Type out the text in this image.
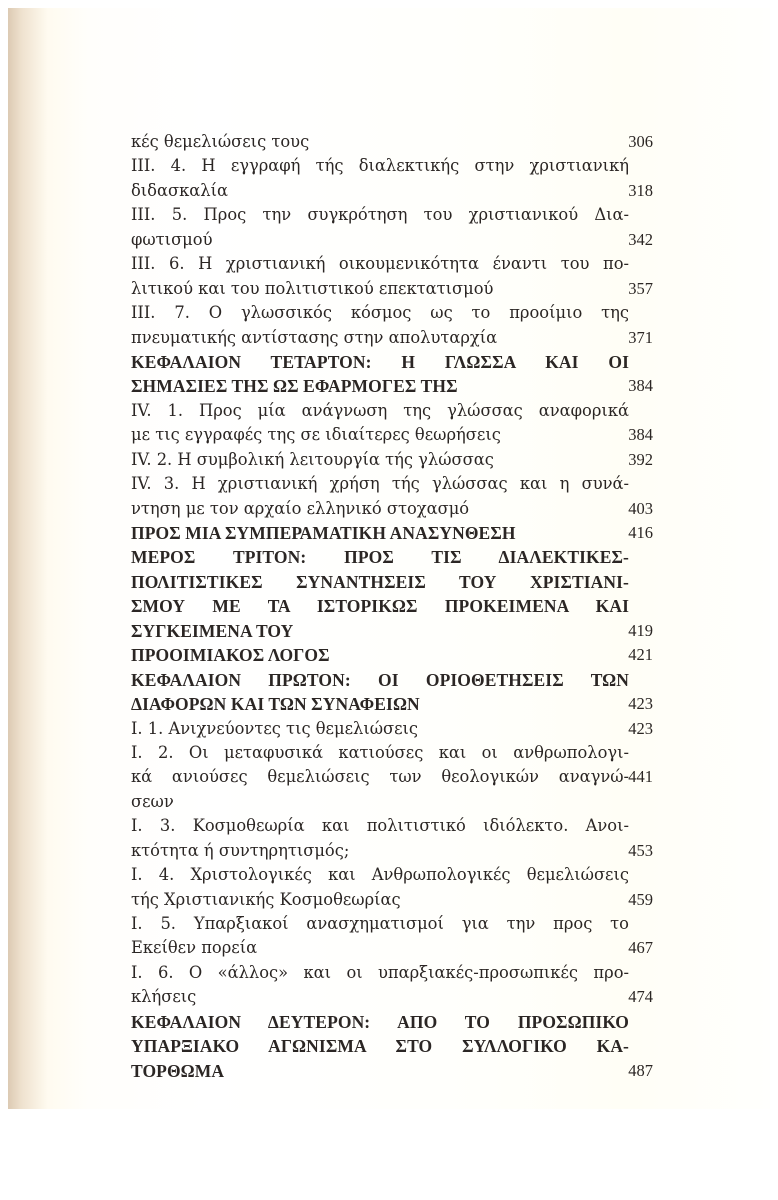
κές θεμελιώσεις τους	306
III. 4. Η εγγραφή τής διαλεκτικής στην χριστιανική
διδασκαλία	318
III. 5. Προς την συγκρότηση του χριστιανικού Δια-
φωτισμού	342
III. 6. Η χριστιανική οικουμενικότητα έναντι του πο-
λιτικού και του πολιτιστικού επεκτατισμού	357
III. 7. Ο γλωσσικός κόσμος ως το προοίμιο της
πνευματικής αντίστασης στην απολυταρχία	371
ΚΕΦΑΛΑΙΟΝ ΤΕΤΑΡΤΟΝ: Η ΓΛΩΣΣΑ ΚΑΙ ΟΙ
ΣΗΜΑΣΙΕΣ ΤΗΣ ΩΣ ΕΦΑΡΜΟΓΕΣ ΤΗΣ	384
IV. 1. Προς μία ανάγνωση της γλώσσας αναφορικά
με τις εγγραφές της σε ιδιαίτερες θεωρήσεις	384
IV. 2. Η συμβολική λειτουργία τής γλώσσας	392
IV. 3. Η χριστιανική χρήση τής γλώσσας και η συνά-
ντηση με τον αρχαίο ελληνικό στοχασμό	403
ΠΡΟΣ ΜΙΑ ΣΥΜΠΕΡΑΜΑΤΙΚΗ ΑΝΑΣΥΝΘΕΣΗ	416
ΜΕΡΟΣ ΤΡΙΤΟΝ: ΠΡΟΣ ΤΙΣ ΔΙΑΛΕΚΤΙΚΕΣ-
ΠΟΛΙΤΙΣΤΙΚΕΣ ΣΥΝΑΝΤΗΣΕΙΣ ΤΟΥ ΧΡΙΣΤΙΑΝΙ-
ΣΜΟΥ ΜΕ ΤΑ ΙΣΤΟΡΙΚΩΣ ΠΡΟΚΕΙΜΕΝΑ ΚΑΙ
ΣΥΓΚΕΙΜΕΝΑ ΤΟΥ	419
ΠΡΟΟΙΜΙΑΚΟΣ ΛΟΓΟΣ	421
ΚΕΦΑΛΑΙΟΝ ΠΡΩΤΟΝ: ΟΙ ΟΡΙΟΘΕΤΗΣΕΙΣ ΤΩΝ
ΔΙΑΦΟΡΩΝ ΚΑΙ ΤΩΝ ΣΥΝΑΦΕΙΩΝ	423
I. 1. Ανιχνεύοντες τις θεμελιώσεις	423
I. 2. Οι μεταφυσικά κατιούσες και οι ανθρωπολογι-
κά ανιούσες θεμελιώσεις των θεολογικών αναγνώ- 441
σεων
I. 3. Κοσμοθεωρία και πολιτιστικό ιδιόλεκτο. Ανοι-
κτότητα ή συντηρητισμός;	453
I. 4. Χριστολογικές και Ανθρωπολογικές θεμελιώσεις
τής Χριστιανικής Κοσμοθεωρίας	459
I. 5. Υπαρξιακοί ανασχηματισμοί για την προς το
Εκείθεν πορεία	467
I. 6. Ο «άλλος» και οι υπαρξιακές-προσωπικές προ-
κλήσεις	474
ΚΕΦΑΛΑΙΟΝ ΔΕΥΤΕΡΟΝ: ΑΠΟ ΤΟ ΠΡΟΣΩΠΙΚΟ
ΥΠΑΡΞΙΑΚΟ ΑΓΩΝΙΣΜΑ ΣΤΟ ΣΥΛΛΟΓΙΚΟ ΚΑ-
ΤΟΡΘΩΜΑ	487
